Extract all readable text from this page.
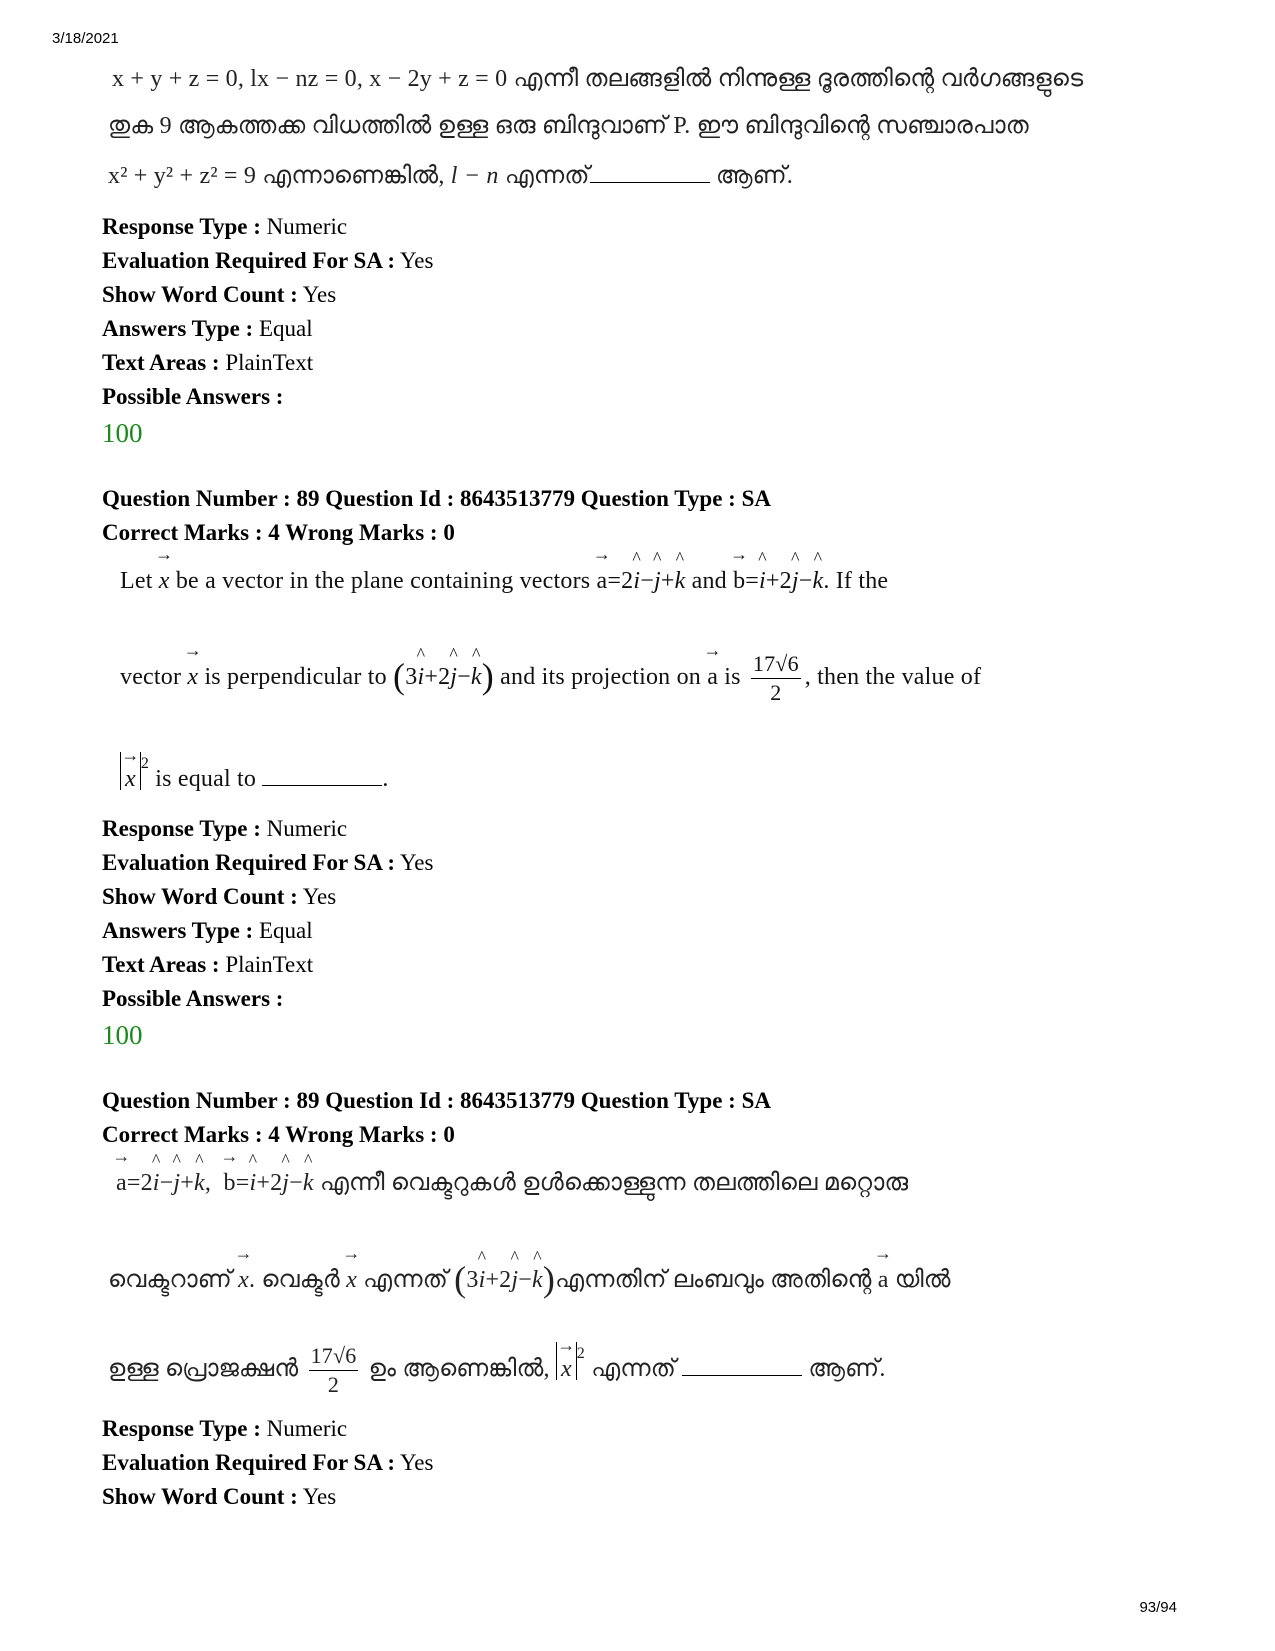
3/18/2021
x + y + z = 0, lx − nz = 0, x − 2y + z = 0 എന്നീ തലങ്ങളിൽ നിന്നുള്ള ദൂരത്തിന്റെ വർഗങ്ങളുടെ
തുക 9 ആകത്തക്ക വിധത്തിൽ ഉള്ള ഒരു ബിന്ദുവാണ് P. ഈ ബിന്ദുവിന്റെ സഞ്ചാരപാത
x² + y² + z² = 9 എന്നാണെങ്കിൽ, l − n എന്നത്	ആണ്.
Response Type : Numeric
Evaluation Required For SA : Yes
Show Word Count : Yes
Answers Type : Equal
Text Areas : PlainText
Possible Answers :
100
Question Number : 89 Question Id : 8643513779 Question Type : SA
Correct Marks : 4 Wrong Marks : 0
Let → x be a vector in the plane containing vectors → a=2^ i−^ j+^ k and → b=^ i+2^ j−^ k. If the
vector → x is perpendicular to (3^ i+2^ j−^ k) and its projection on → a is $\frac{17√6}{2}$ , then the value of
→ $x^2$ is equal to	.
Response Type : Numeric
Evaluation Required For SA : Yes
Show Word Count : Yes
Answers Type : Equal
Text Areas : PlainText
Possible Answers :
100
Question Number : 89 Question Id : 8643513779 Question Type : SA
Correct Marks : 4 Wrong Marks : 0
→ a=2^ i−^ j+^ k,  → b=^ i+2^ j−^ k എന്നീ വെക്ടറുകൾ ഉൾക്കൊള്ളുന്ന തലത്തിലെ മറ്റൊരു
വെക്ടറാണ് → x. വെക്ടർ → x എന്നത് (3^ i+2^ j−^ k)എന്നതിന് ലംബവും അതിന്റെ → a യിൽ
ഉള്ള പ്രൊജക്ഷൻ $\frac{17√6}{2}$ ഉം ആണെങ്കിൽ, → $x^2$ എന്നത്	ആണ്.
Response Type : Numeric
Evaluation Required For SA : Yes
Show Word Count : Yes
93/94
